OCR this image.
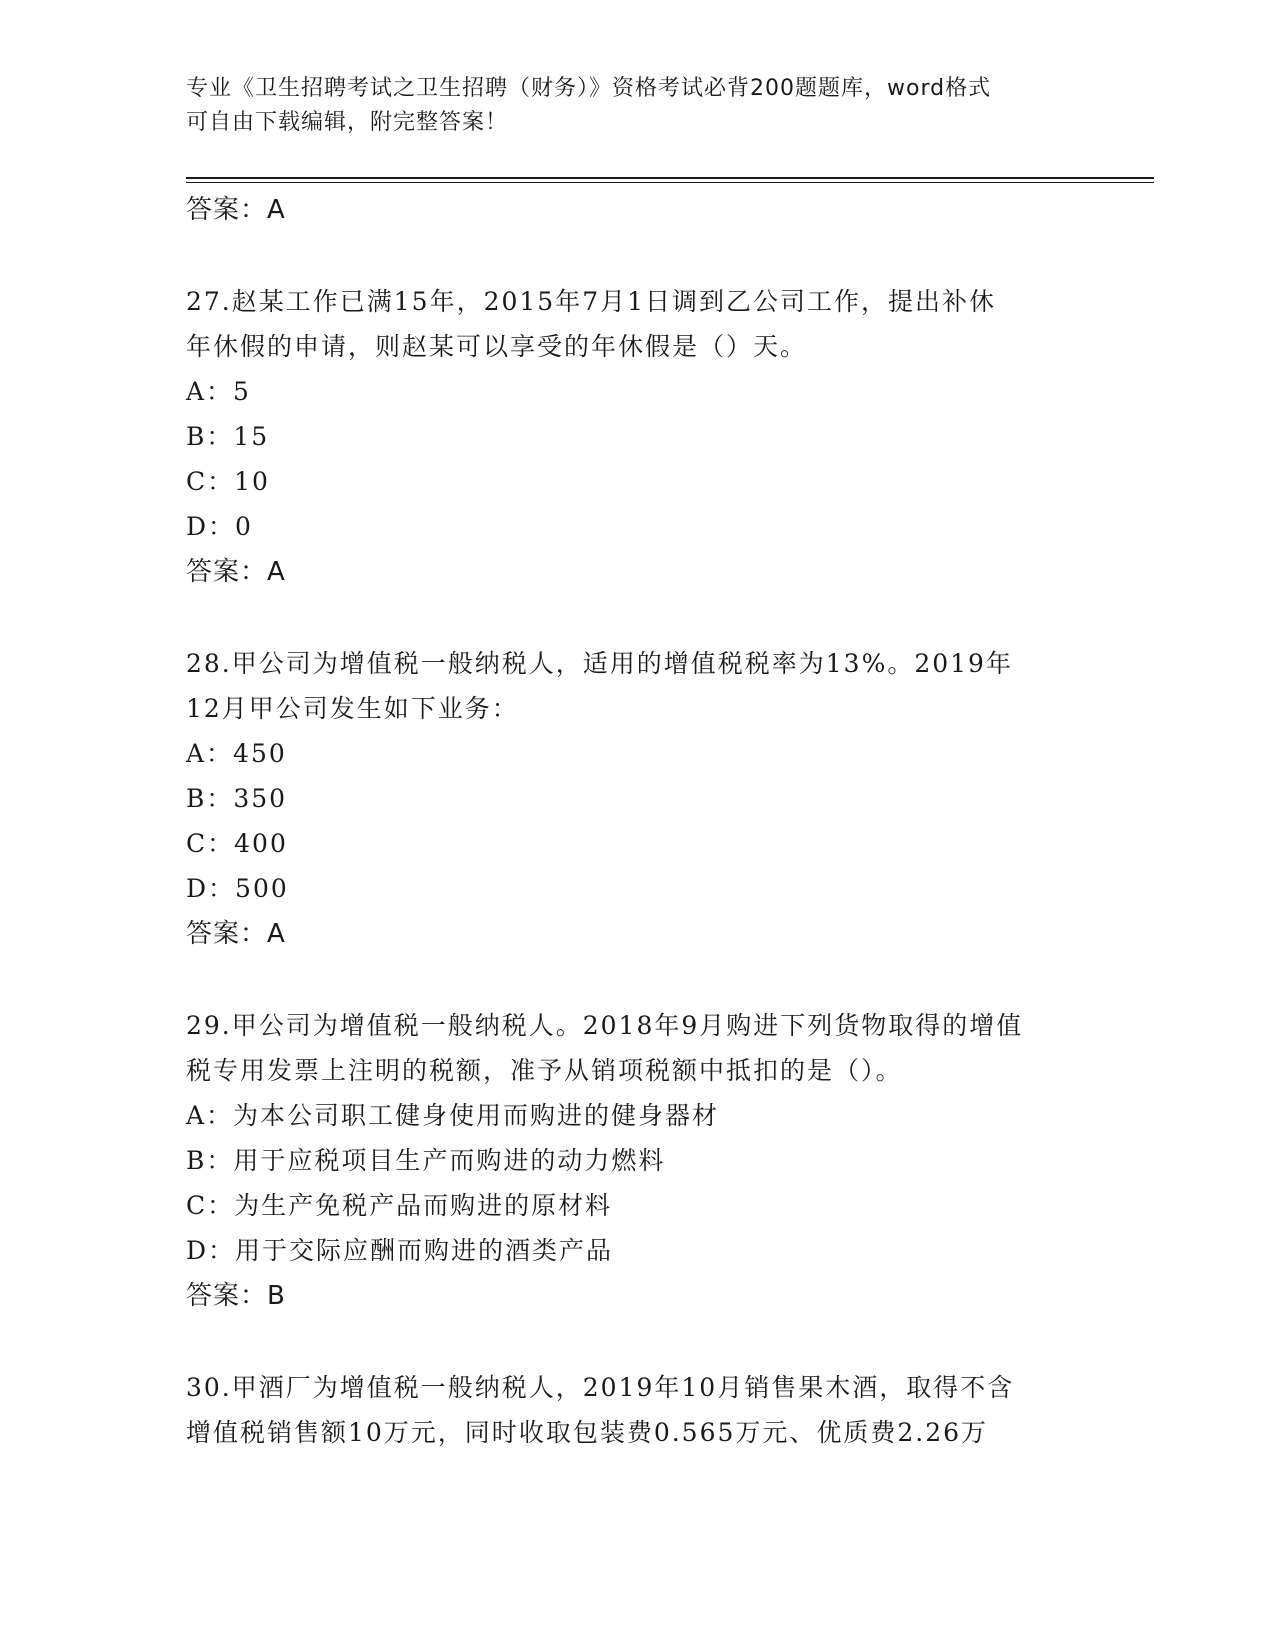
专业《卫生招聘考试之卫生招聘（财务）》资格考试必背200题题库，word格式
可自由下载编辑，附完整答案！
答案：A
27.赵某工作已满15年，2015年7月1日调到乙公司工作，提出补休
年休假的申请，则赵某可以享受的年休假是（）天。
A：5
B：15
C：10
D：0
答案：A
28.甲公司为增值税一般纳税人，适用的增值税税率为13%。2019年
12月甲公司发生如下业务：
A：450
B：350
C：400
D：500
答案：A
29.甲公司为增值税一般纳税人。2018年9月购进下列货物取得的增值
税专用发票上注明的税额，准予从销项税额中抵扣的是（）。
A：为本公司职工健身使用而购进的健身器材
B：用于应税项目生产而购进的动力燃料
C：为生产免税产品而购进的原材料
D：用于交际应酬而购进的酒类产品
答案：B
30.甲酒厂为增值税一般纳税人，2019年10月销售果木酒，取得不含
增值税销售额10万元，同时收取包装费0.565万元、优质费2.26万
